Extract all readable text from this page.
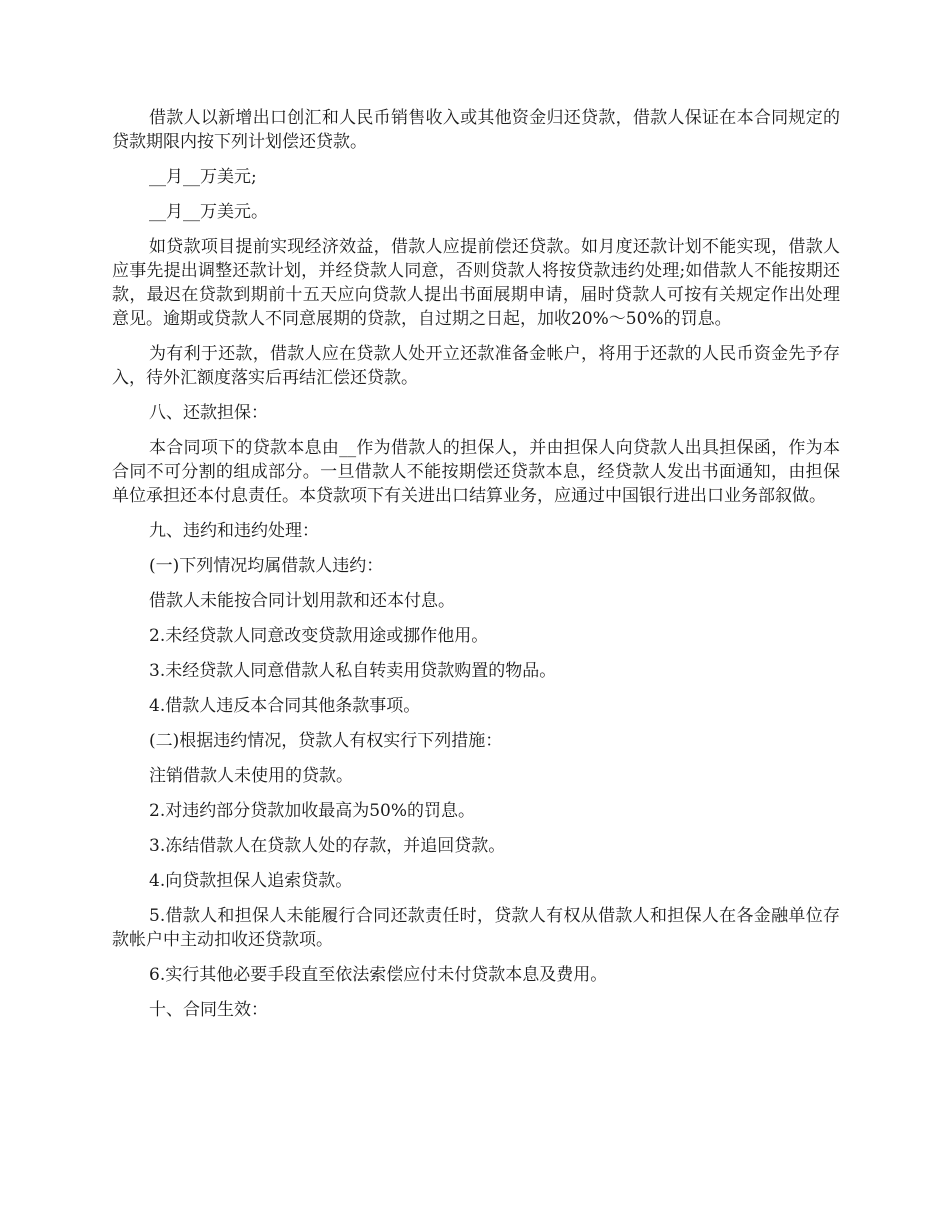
借款人以新增出口创汇和人民币销售收入或其他资金归还贷款，借款人保证在本合同规定的贷款期限内按下列计划偿还贷款。

__月__万美元;

__月__万美元。

如贷款项目提前实现经济效益，借款人应提前偿还贷款。如月度还款计划不能实现，借款人应事先提出调整还款计划，并经贷款人同意，否则贷款人将按贷款违约处理;如借款人不能按期还款，最迟在贷款到期前十五天应向贷款人提出书面展期申请，届时贷款人可按有关规定作出处理意见。逾期或贷款人不同意展期的贷款，自过期之日起，加收20%～50%的罚息。

为有利于还款，借款人应在贷款人处开立还款准备金帐户，将用于还款的人民币资金先予存入，待外汇额度落实后再结汇偿还贷款。

八、还款担保：

本合同项下的贷款本息由__作为借款人的担保人，并由担保人向贷款人出具担保函，作为本合同不可分割的组成部分。一旦借款人不能按期偿还贷款本息，经贷款人发出书面通知，由担保单位承担还本付息责任。本贷款项下有关进出口结算业务，应通过中国银行进出口业务部叙做。

九、违约和违约处理：

(一)下列情况均属借款人违约：

借款人未能按合同计划用款和还本付息。

2.未经贷款人同意改变贷款用途或挪作他用。

3.未经贷款人同意借款人私自转卖用贷款购置的物品。

4.借款人违反本合同其他条款事项。

(二)根据违约情况，贷款人有权实行下列措施：

注销借款人未使用的贷款。

2.对违约部分贷款加收最高为50%的罚息。

3.冻结借款人在贷款人处的存款，并追回贷款。

4.向贷款担保人追索贷款。

5.借款人和担保人未能履行合同还款责任时，贷款人有权从借款人和担保人在各金融单位存款帐户中主动扣收还贷款项。

6.实行其他必要手段直至依法索偿应付未付贷款本息及费用。

十、合同生效：
